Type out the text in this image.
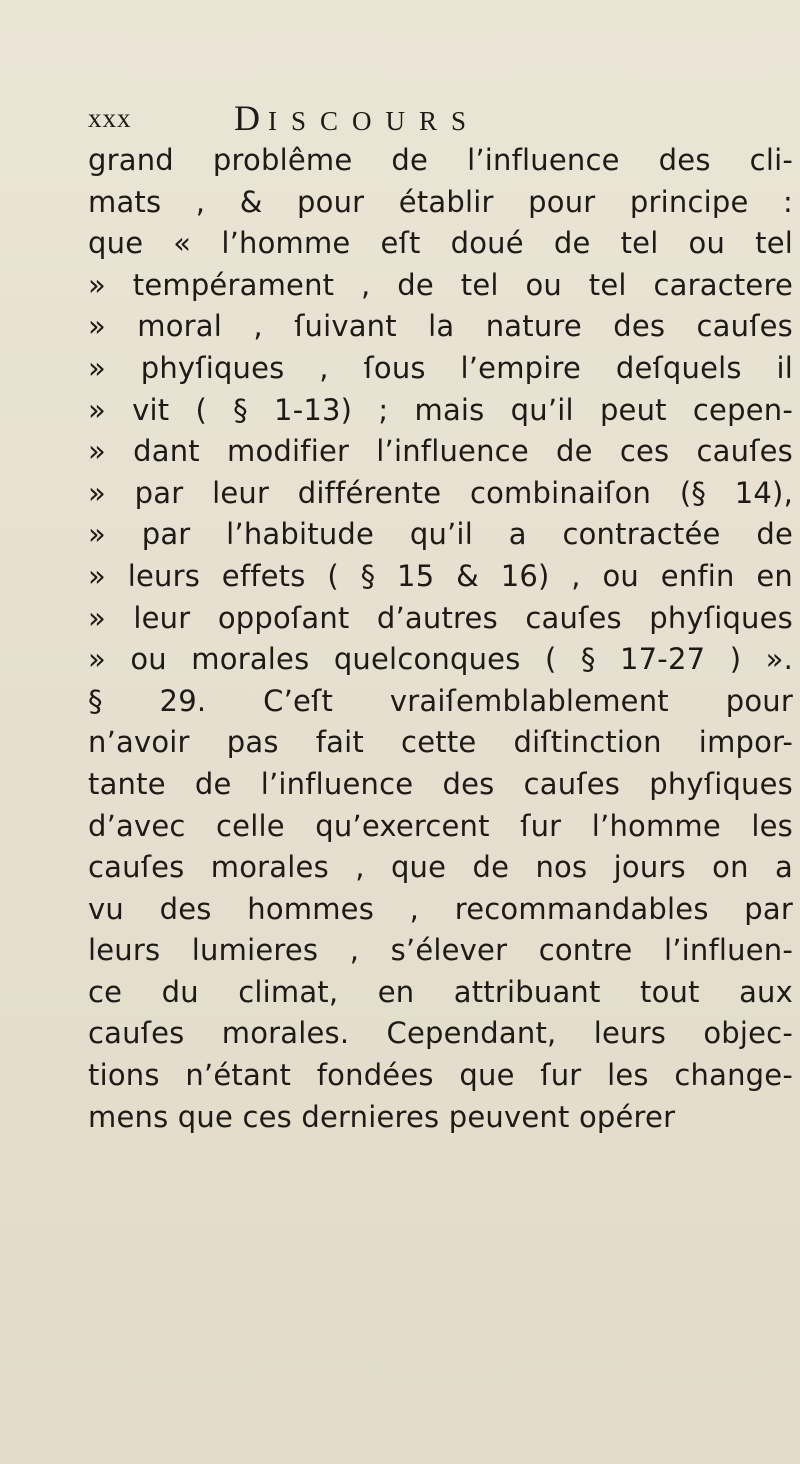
xxx	DISCOURS
grand problême de l’influence des cli-
mats , & pour établir pour principe :
que « l’homme eſt doué de tel ou tel
» tempérament , de tel ou tel caractere
» moral , ſuivant la nature des cauſes
» phyſiques , ſous l’empire deſquels il
» vit ( § 1-13) ; mais qu’il peut cepen-
» dant modifier l’influence de ces cauſes
» par leur différente combinaiſon (§ 14),
» par l’habitude qu’il a contractée de
» leurs effets ( § 15 & 16) , ou enfin en
» leur oppoſant d’autres cauſes phyſiques
» ou morales quelconques ( § 17-27 ) ».
§ 29. C’eſt vraiſemblablement pour
n’avoir pas fait cette diſtinction impor-
tante de l’influence des cauſes phyſiques
d’avec celle qu’exercent ſur l’homme les
cauſes morales , que de nos jours on a
vu des hommes , recommandables par
leurs lumieres , s’élever contre l’influen-
ce du climat, en attribuant tout aux
cauſes morales. Cependant, leurs objec-
tions n’étant fondées que ſur les change-
mens que ces dernieres peuvent opérer
